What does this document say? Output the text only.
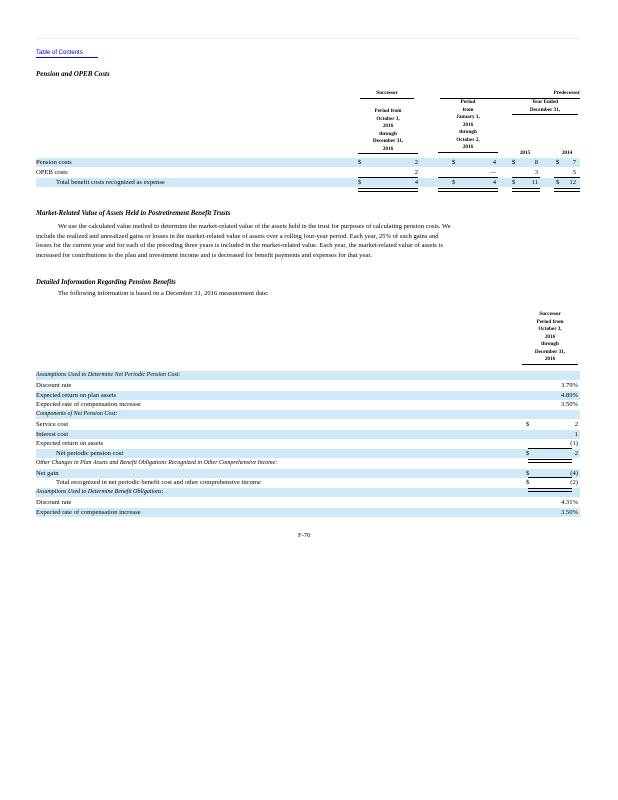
Table of Contents
Pension and OPEB Costs
Successor	Predecessor
Period from
October 3,
2016
through
December 31,
2016
Period
from
January 1,
2016
through
October 2,
2016
Year Ended
December 31,
2015	2014
Pension costs	$	2	$	4 $	8	$	7
OPEB costs	2	—	3	5
Total benefit costs recognized as expense	$	4	$	4 $	11	$	12
Market-Related Value of Assets Held in Postretirement Benefit Trusts
We use the calculated value method to determine the market-related value of the assets held in the trust for purposes of calculating pension costs. We
include the realized and unrealized gains or losses in the market-related value of assets over a rolling four-year period. Each year, 25% of such gains and
losses for the current year and for each of the preceding three years is included in the market-related value. Each year, the market-related value of assets is
increased for contributions to the plan and investment income and is decreased for benefit payments and expenses for that year.
Detailed Information Regarding Pension Benefits
The following information is based on a December 31, 2016 measurement date:
Successor
Period from
October 3,
2016
through
December 31,
2016
Assumptions Used to Determine Net Periodic Pension Cost:
Discount rate	3.79%
Expected return on plan assets	4.89%
Expected rate of compensation increase	3.50%
Components of Net Pension Cost:
Service cost	$	2
Interest cost	1
Expected return on assets	(1)
Net periodic pension cost	$	2
Other Changes in Plan Assets and Benefit Obligations Recognized in Other Comprehensive Income:
Net gain	$	(4)
Total recognized in net periodic benefit cost and other comprehensive income	$	(2)
Assumptions Used to Determine Benefit Obligations:
Discount rate	4.31%
Expected rate of compensation increase	3.50%
F-70
